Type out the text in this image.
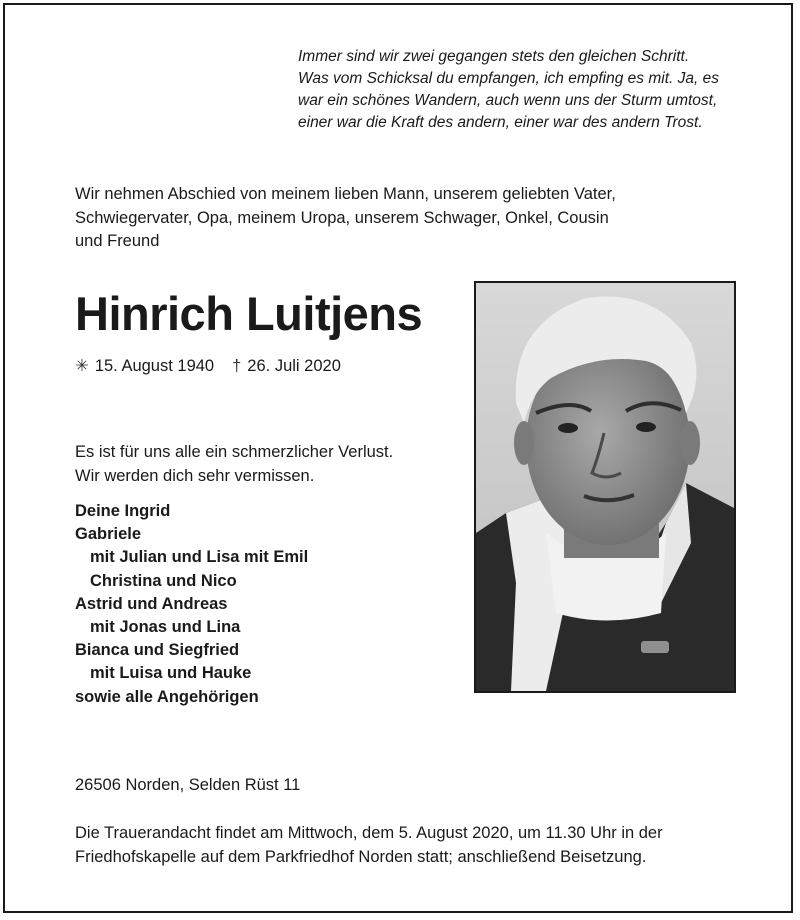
Immer sind wir zwei gegangen stets den gleichen Schritt.
Was vom Schicksal du empfangen, ich empfing es mit. Ja, es
war ein schönes Wandern, auch wenn uns der Sturm umtost,
einer war die Kraft des andern, einer war des andern Trost.
Wir nehmen Abschied von meinem lieben Mann, unserem geliebten Vater,
Schwiegervater, Opa, meinem Uropa, unserem Schwager, Onkel, Cousin
und Freund
Hinrich Luitjens
✳ 15. August 1940 † 26. Juli 2020
Es ist für uns alle ein schmerzlicher Verlust.
Wir werden dich sehr vermissen.
Deine Ingrid
Gabriele
mit Julian und Lisa mit Emil
Christina und Nico
Astrid und Andreas
mit Jonas und Lina
Bianca und Siegfried
mit Luisa und Hauke
sowie alle Angehörigen
26506 Norden, Selden Rüst 11
Die Trauerandacht findet am Mittwoch, dem 5. August 2020, um 11.30 Uhr in der
Friedhofskapelle auf dem Parkfriedhof Norden statt; anschließend Beisetzung.
